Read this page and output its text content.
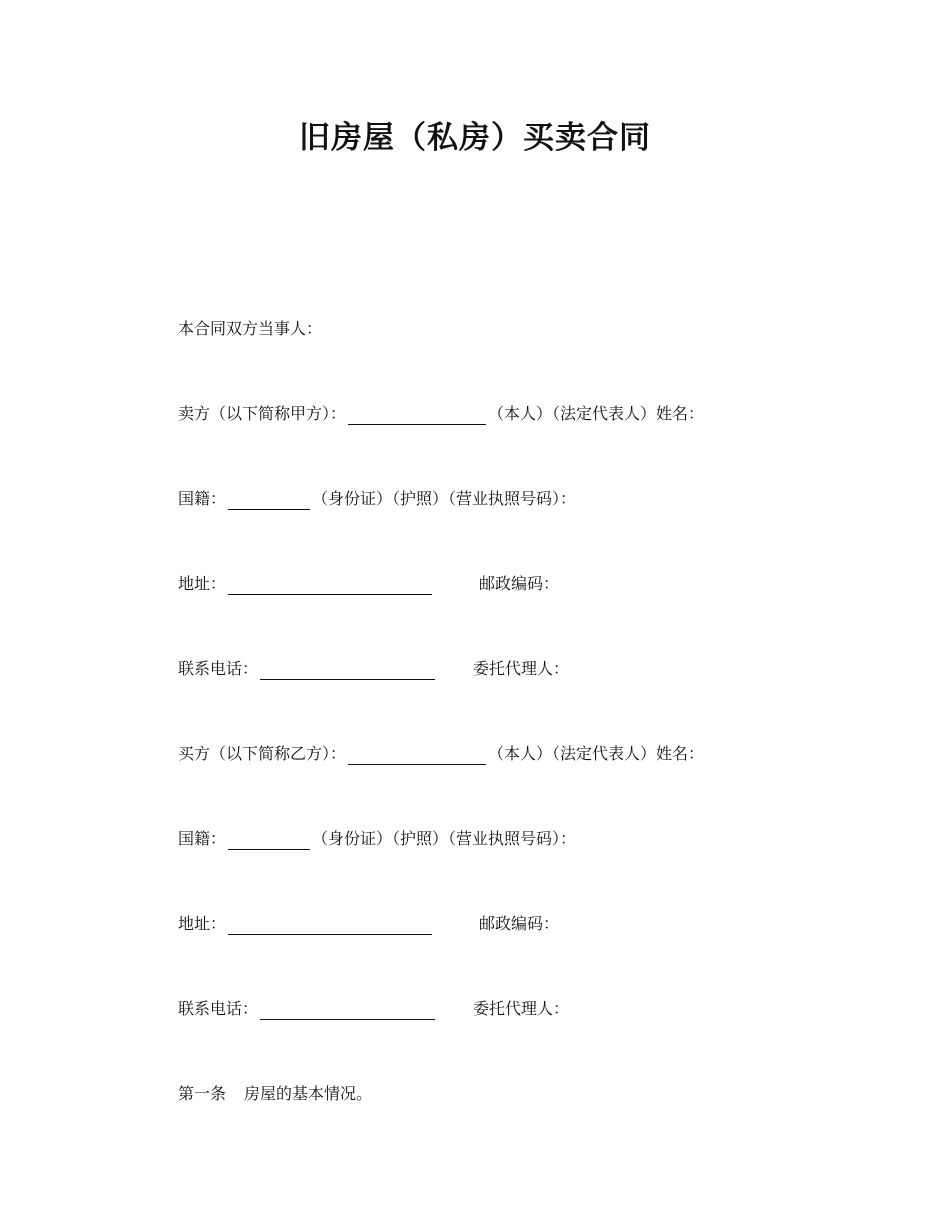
旧房屋（私房）买卖合同
本合同双方当事人：
卖方（以下简称甲方）：	（本人）（法定代表人）姓名：
国籍：	（身份证）（护照）（营业执照号码）：
地址：	邮政编码：
联系电话：	委托代理人：
买方（以下简称乙方）：	（本人）（法定代表人）姓名：
国籍：	（身份证）（护照）（营业执照号码）：
地址：	邮政编码：
联系电话：	委托代理人：
第一条 房屋的基本情况。
